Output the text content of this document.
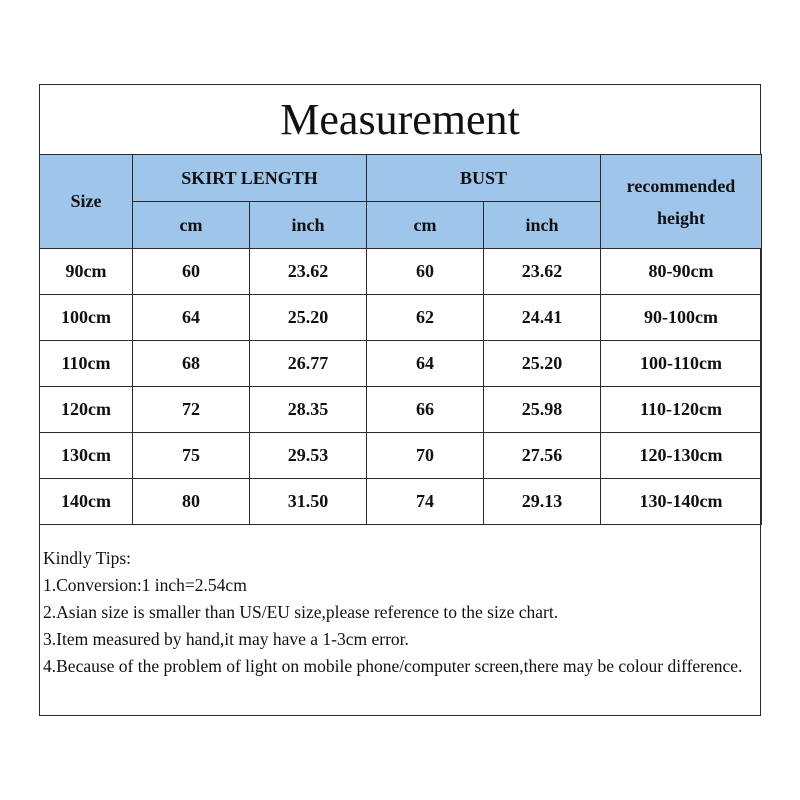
Measurement
Size	SKIRT LENGTH		BUST		recommended height
	cm	inch	cm	inch	
90cm	60	23.62	60	23.62	80-90cm
100cm	64	25.20	62	24.41	90-100cm
110cm	68	26.77	64	25.20	100-110cm
120cm	72	28.35	66	25.98	110-120cm
130cm	75	29.53	70	27.56	120-130cm
140cm	80	31.50	74	29.13	130-140cm
Kindly Tips:
1.Conversion:1 inch=2.54cm
2.Asian size is smaller than US/EU size,please reference to the size chart.
3.Item measured by hand,it may have a 1-3cm error.
4.Because of the problem of light on mobile phone/computer screen,there may be colour difference.
